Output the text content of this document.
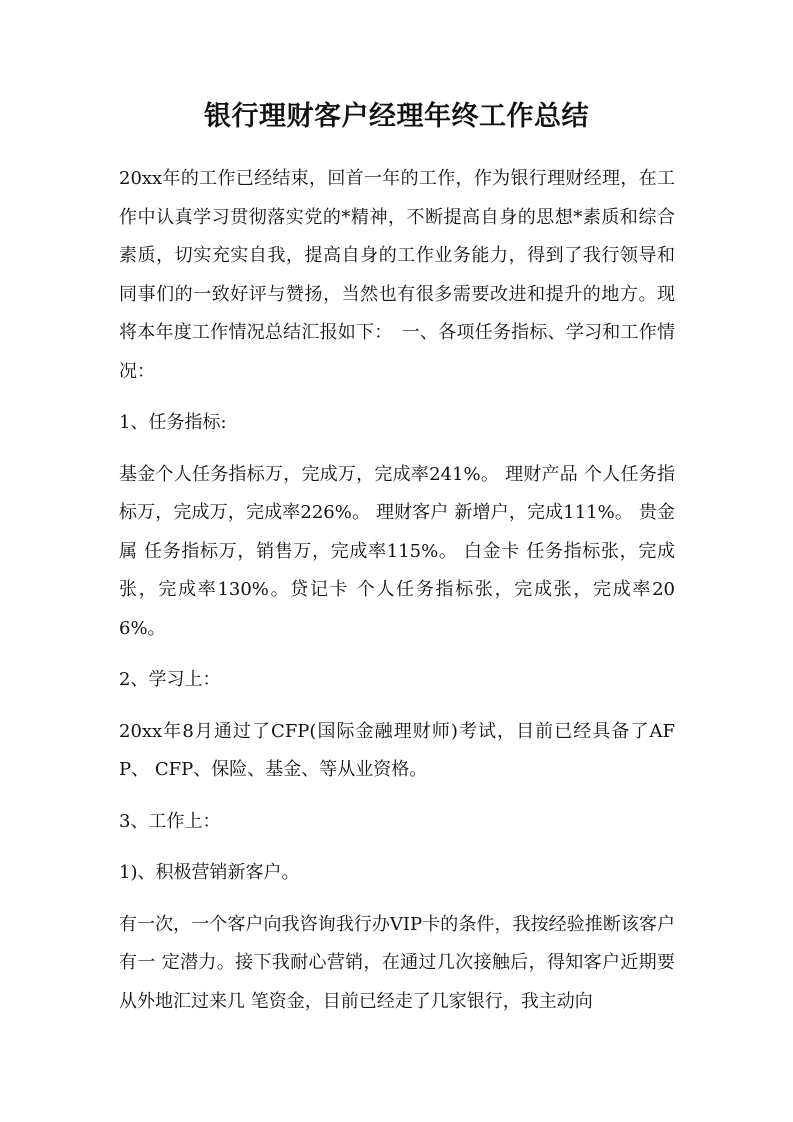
银行理财客户经理年终工作总结

20xx年的工作已经结束，回首一年的工作，作为银行理财经理，在工作中认真学习贯彻落实党的*精神，不断提高自身的思想*素质和综合素质，切实充实自我，提高自身的工作业务能力，得到了我行领导和同事们的一致好评与赞扬，当然也有很多需要改进和提升的地方。现将本年度工作情况总结汇报如下：　一、各项任务指标、学习和工作情况：

1、任务指标:

基金个人任务指标万，完成万，完成率241%。 理财产品 个人任务指标万，完成万，完成率226%。 理财客户 新增户，完成111%。 贵金属 任务指标万，销售万，完成率115%。 白金卡 任务指标张，完成张，完成率130%。贷记卡 个人任务指标张，完成张，完成率206%。

2、学习上：

20xx年8月通过了CFP(国际金融理财师)考试，目前已经具备了AFP、 CFP、保险、基金、等从业资格。

3、工作上：

1)、积极营销新客户。

有一次，一个客户向我咨询我行办VIP卡的条件，我按经验推断该客户有一 定潜力。接下我耐心营销，在通过几次接触后，得知客户近期要从外地汇过来几 笔资金，目前已经走了几家银行，我主动向
